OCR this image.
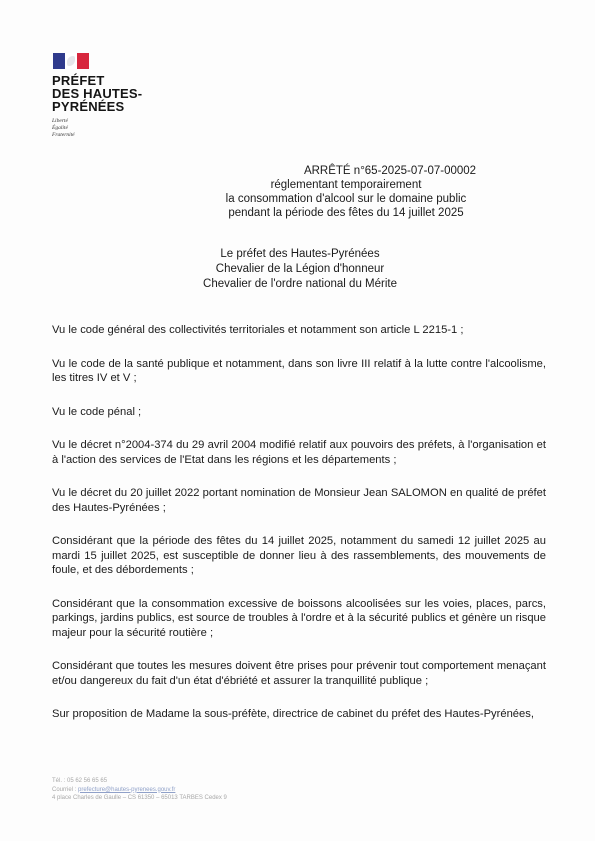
PRÉFET
DES HAUTES-
PYRÉNÉES
Liberté
Égalité
Fraternité
ARRÊTÉ n°65-2025-07-07-00002
réglementant temporairement
la consommation d'alcool sur le domaine public
pendant la période des fêtes du 14 juillet 2025
Le préfet des Hautes-Pyrénées
Chevalier de la Légion d'honneur
Chevalier de l'ordre national du Mérite

Vu le code général des collectivités territoriales et notamment son article L 2215-1 ;

Vu le code de la santé publique et notamment, dans son livre III relatif à la lutte contre l'alcoolisme, les titres IV et V ;

Vu le code pénal ;

Vu le décret n°2004-374 du 29 avril 2004 modifié relatif aux pouvoirs des préfets, à l'organisation et à l'action des services de l'Etat dans les régions et les départements ;

Vu le décret du 20 juillet 2022 portant nomination de Monsieur Jean SALOMON en qualité de préfet des Hautes-Pyrénées ;

Considérant que la période des fêtes du 14 juillet 2025, notamment du samedi 12 juillet 2025 au mardi 15 juillet 2025, est susceptible de donner lieu à des rassemblements, des mouvements de foule, et des débordements ;

Considérant que la consommation excessive de boissons alcoolisées sur les voies, places, parcs, parkings, jardins publics, est source de troubles à l'ordre et à la sécurité publics et génère un risque majeur pour la sécurité routière ;

Considérant que toutes les mesures doivent être prises pour prévenir tout comportement menaçant et/ou dangereux du fait d'un état d'ébriété et assurer la tranquillité publique ;

Sur proposition de Madame la sous-préfète, directrice de cabinet du préfet des Hautes-Pyrénées,

Tél. : 05 62 56 65 65
Courriel : prefecture@hautes-pyrenees.gouv.fr
4 place Charles de Gaulle – CS 61350 – 65013 TARBES Cedex 9
